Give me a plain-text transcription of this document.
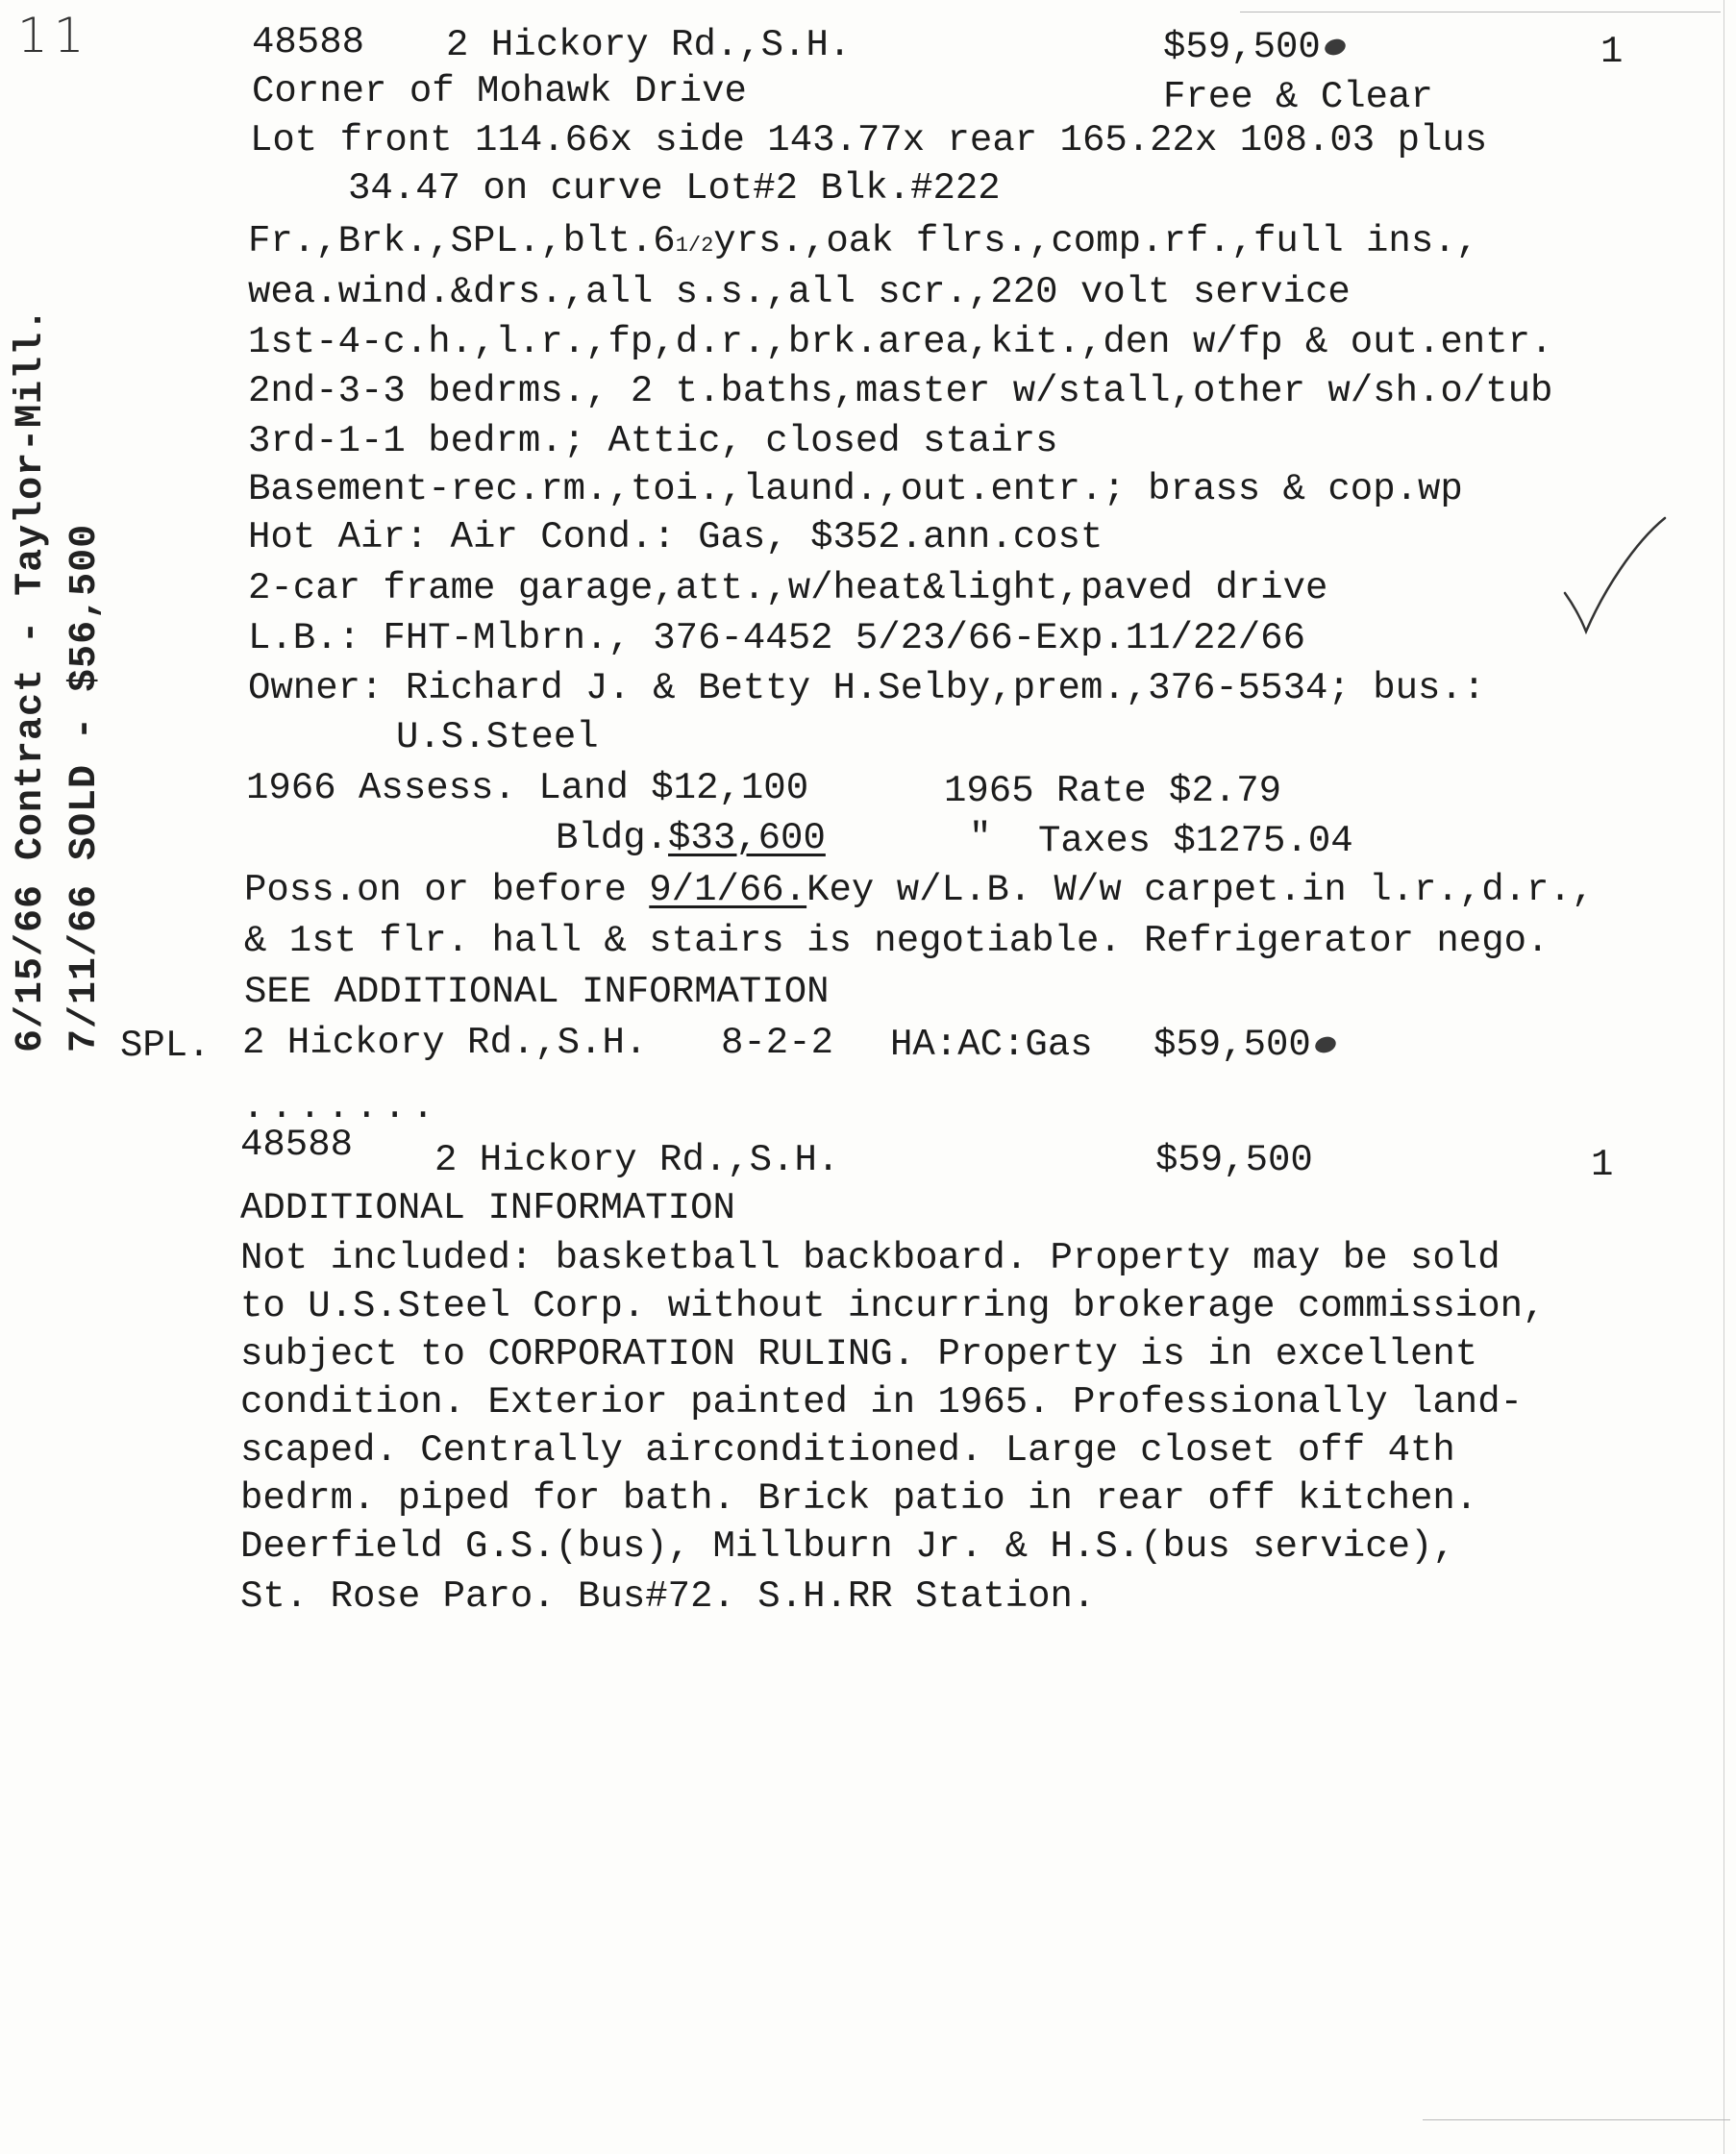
11
6/15/66 Contract - Taylor-Mill. 7/11/66 SOLD - $56,500
48588 2 Hickory Rd.,S.H.	$59,500	1
Corner of Mohawk Drive	Free & Clear
Lot front 114.66x side 143.77x rear 165.22x 108.03 plus
34.47 on curve Lot#2 Blk.#222
Fr.,Brk.,SPL.,blt.61/2yrs.,oak flrs.,comp.rf.,full ins.,
wea.wind.&drs.,all s.s.,all scr.,220 volt service
1st-4-c.h.,l.r.,fp,d.r.,brk.area,kit.,den w/fp & out.entr.
2nd-3-3 bedrms., 2 t.baths,master w/stall,other w/sh.o/tub
3rd-1-1 bedrm.; Attic, closed stairs
Basement-rec.rm.,toi.,laund.,out.entr.; brass & cop.wp
Hot Air: Air Cond.: Gas, $352.ann.cost
2-car frame garage,att.,w/heat&light,paved drive
L.B.: FHT-Mlbrn., 376-4452 5/23/66-Exp.11/22/66
Owner: Richard J. & Betty H.Selby,prem.,376-5534; bus.:
U.S.Steel
1966 Assess. Land $12,100	1965 Rate $2.79
Bldg.$33,600	" Taxes $1275.04
Poss.on or before 9/1/66.Key w/L.B. W/w carpet.in l.r.,d.r.,
& 1st flr. hall & stairs is negotiable. Refrigerator nego.
SEE ADDITIONAL INFORMATION
SPL. 2 Hickory Rd.,S.H. 8-2-2 HA:AC:Gas $59,500
.......
48588 2 Hickory Rd.,S.H.	$59,500	1
ADDITIONAL INFORMATION
Not included: basketball backboard. Property may be sold
to U.S.Steel Corp. without incurring brokerage commission,
subject to CORPORATION RULING. Property is in excellent
condition. Exterior painted in 1965. Professionally land-
scaped. Centrally airconditioned. Large closet off 4th
bedrm. piped for bath. Brick patio in rear off kitchen.
Deerfield G.S.(bus), Millburn Jr. & H.S.(bus service),
St. Rose Paro. Bus#72. S.H.RR Station.
